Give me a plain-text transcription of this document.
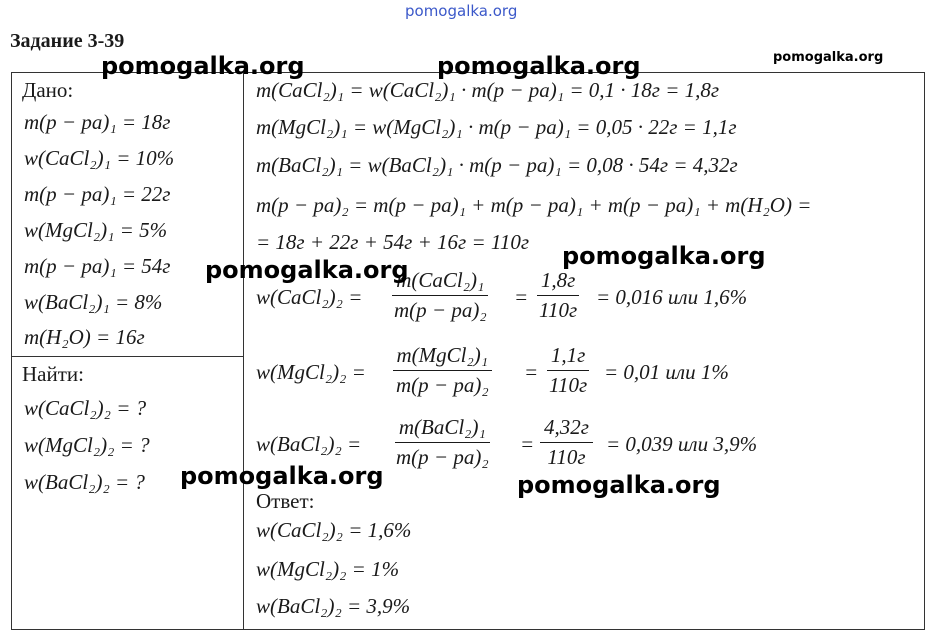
pomogalka.org
Задание 3-39
pomogalka.org
Дано:
m(p − pa)₁ = 18г
w(CaCl₂)₁ = 10%
m(p − pa)₁ = 22г
w(MgCl₂)₁ = 5%
m(p − pa)₁ = 54г
w(BaCl₂)₁ = 8%
m(H₂O) = 16г
Найти:
w(CaCl₂)₂ = ?
w(MgCl₂)₂ = ?
w(BaCl₂)₂ = ?
m(CaCl₂)₁ = w(CaCl₂)₁ · m(p − pa)₁ = 0,1 · 18г = 1,8г
m(MgCl₂)₁ = w(MgCl₂)₁ · m(p − pa)₁ = 0,05 · 22г = 1,1г
m(BaCl₂)₁ = w(BaCl₂)₁ · m(p − pa)₁ = 0,08 · 54г = 4,32г
m(p − pa)₂ = m(p − pa)₁ + m(p − pa)₁ + m(p − pa)₁ + m(H₂O) =
= 18г + 22г + 54г + 16г = 110г
w(CaCl₂)₂ =
m(CaCl₂)₁
m(p − pa)₂
=
1,8г
110г
= 0,016 или 1,6%
w(MgCl₂)₂ =
m(MgCl₂)₁
m(p − pa)₂
=
1,1г
110г
= 0,01 или 1%
w(BaCl₂)₂ =
m(BaCl₂)₁
m(p − pa)₂
=
4,32г
110г
= 0,039 или 3,9%
Ответ:
w(CaCl₂)₂ = 1,6%
w(MgCl₂)₂ = 1%
w(BaCl₂)₂ = 3,9%
pomogalka.org	pomogalka.org
pomogalka.org	pomogalka.org
pomogalka.org	pomogalka.org
